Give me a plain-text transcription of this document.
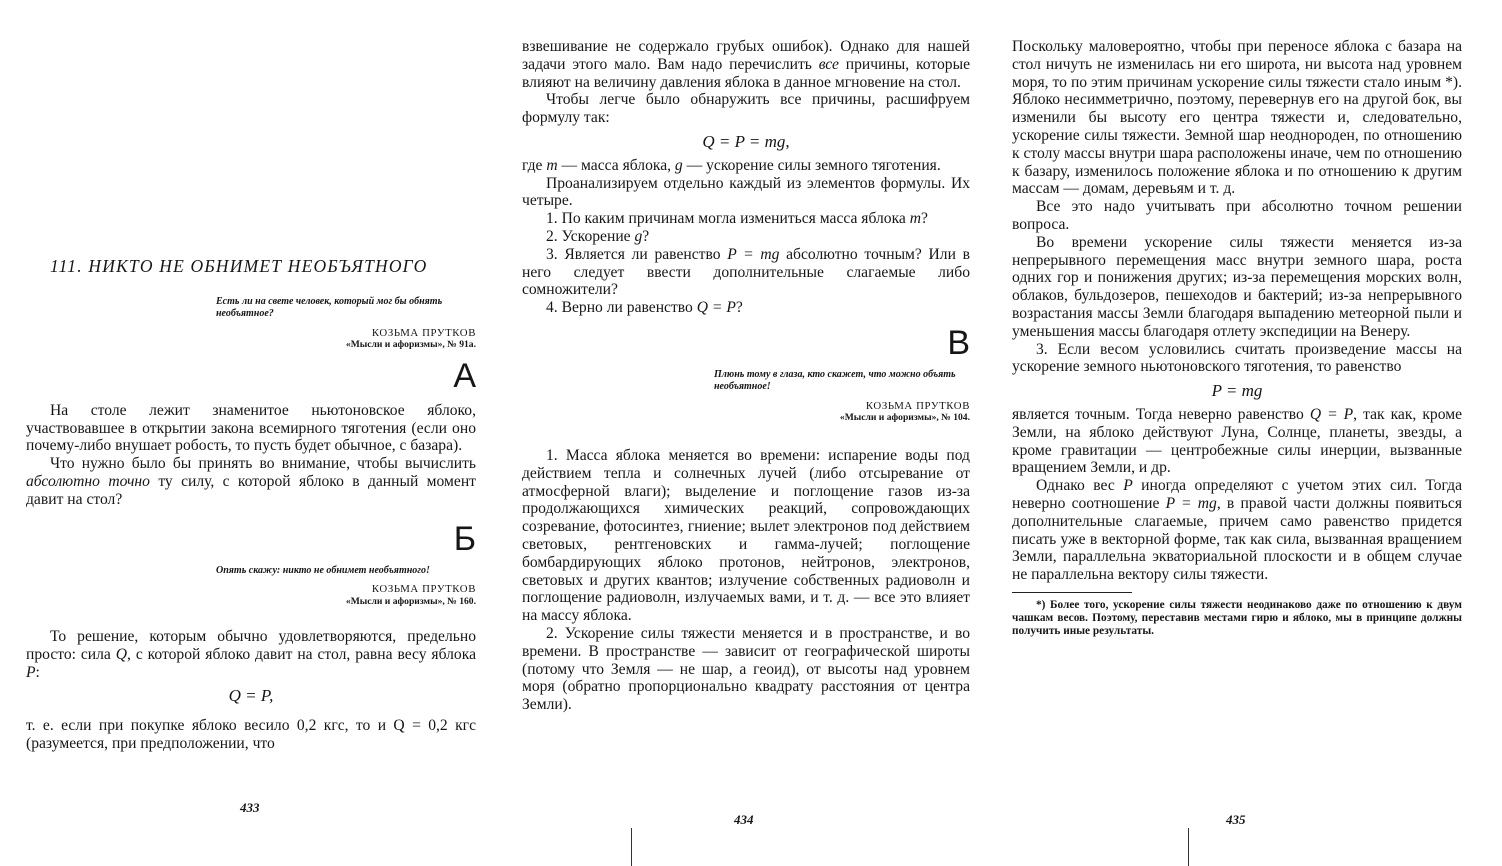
111. НИКТО НЕ ОБНИМЕТ НЕОБЪЯТНОГО
Есть ли на свете человек, который мог бы обнять необъятное?
КОЗЬМА ПРУТКОВ
«Мысли и афоризмы», № 91а.
А

На столе лежит знаменитое ньютоновское яблоко, участвовавшее в открытии закона всемирного тяготения (если оно почему-либо внушает робость, то пусть будет обычное, с базара).

Что нужно было бы принять во внимание, чтобы вычислить абсолютно точно ту силу, с которой яблоко в данный момент давит на стол?

Б
Опять скажу: никто не обнимет необъятного!
КОЗЬМА ПРУТКОВ
«Мысли и афоризмы», № 160.

То решение, которым обычно удовлетворяются, предельно просто: сила Q, с которой яблоко давит на стол, равна весу яблока P:

Q = P,

т. е. если при покупке яблоко весило 0,2 кгс, то и Q = 0,2 кгс (разумеется, при предположении, что

433

взвешивание не содержало грубых ошибок). Однако для нашей задачи этого мало. Вам надо перечислить все причины, которые влияют на величину давления яблока в данное мгновение на стол.

Чтобы легче было обнаружить все причины, расшифруем формулу так:

Q = P = mg,

где m — масса яблока, g — ускорение силы земного тяготения.

Проанализируем отдельно каждый из элементов формулы. Их четыре.

1. По каким причинам могла измениться масса яблока m?

2. Ускорение g?

3. Является ли равенство P = mg абсолютно точным? Или в него следует ввести дополнительные слагаемые либо сомножители?

4. Верно ли равенство Q = P?

В
Плюнь тому в глаза, кто скажет, что можно объять необъятное!
КОЗЬМА ПРУТКОВ
«Мысли и афоризмы», № 104.

1. Масса яблока меняется во времени: испарение воды под действием тепла и солнечных лучей (либо отсыревание от атмосферной влаги); выделение и поглощение газов из-за продолжающихся химических реакций, сопровождающих созревание, фотосинтез, гниение; вылет электронов под действием световых, рентгеновских и гамма-лучей; поглощение бомбардирующих яблоко протонов, нейтронов, электронов, световых и других квантов; излучение собственных радиоволн и поглощение радиоволн, излучаемых вами, и т. д. — все это влияет на массу яблока.

2. Ускорение силы тяжести меняется и в пространстве, и во времени. В пространстве — зависит от географической широты (потому что Земля — не шар, а геоид), от высоты над уровнем моря (обратно пропорционально квадрату расстояния от центра Земли).

434

Поскольку маловероятно, чтобы при переносе яблока с базара на стол ничуть не изменилась ни его широта, ни высота над уровнем моря, то по этим причинам ускорение силы тяжести стало иным *). Яблоко несимметрично, поэтому, перевернув его на другой бок, вы изменили бы высоту его центра тяжести и, следовательно, ускорение силы тяжести. Земной шар неоднороден, по отношению к столу массы внутри шара расположены иначе, чем по отношению к базару, изменилось положение яблока и по отношению к другим массам — домам, деревьям и т. д.

Все это надо учитывать при абсолютно точном решении вопроса.

Во времени ускорение силы тяжести меняется из-за непрерывного перемещения масс внутри земного шара, роста одних гор и понижения других; из-за перемещения морских волн, облаков, бульдозеров, пешеходов и бактерий; из-за непрерывного возрастания массы Земли благодаря выпадению метеорной пыли и уменьшения массы благодаря отлету экспедиции на Венеру.

3. Если весом условились считать произведение массы на ускорение земного ньютоновского тяготения, то равенство

P = mg

является точным. Тогда неверно равенство Q = P, так как, кроме Земли, на яблоко действуют Луна, Солнце, планеты, звезды, а кроме гравитации — центробежные силы инерции, вызванные вращением Земли, и др.

Однако вес P иногда определяют с учетом этих сил. Тогда неверно соотношение P = mg, в правой части должны появиться дополнительные слагаемые, причем само равенство придется писать уже в векторной форме, так как сила, вызванная вращением Земли, параллельна экваториальной плоскости и в общем случае не параллельна вектору силы тяжести.

*) Более того, ускорение силы тяжести неодинаково даже по отношению к двум чашкам весов. Поэтому, переставив местами гирю и яблоко, мы в принципе должны получить иные результаты.

435
